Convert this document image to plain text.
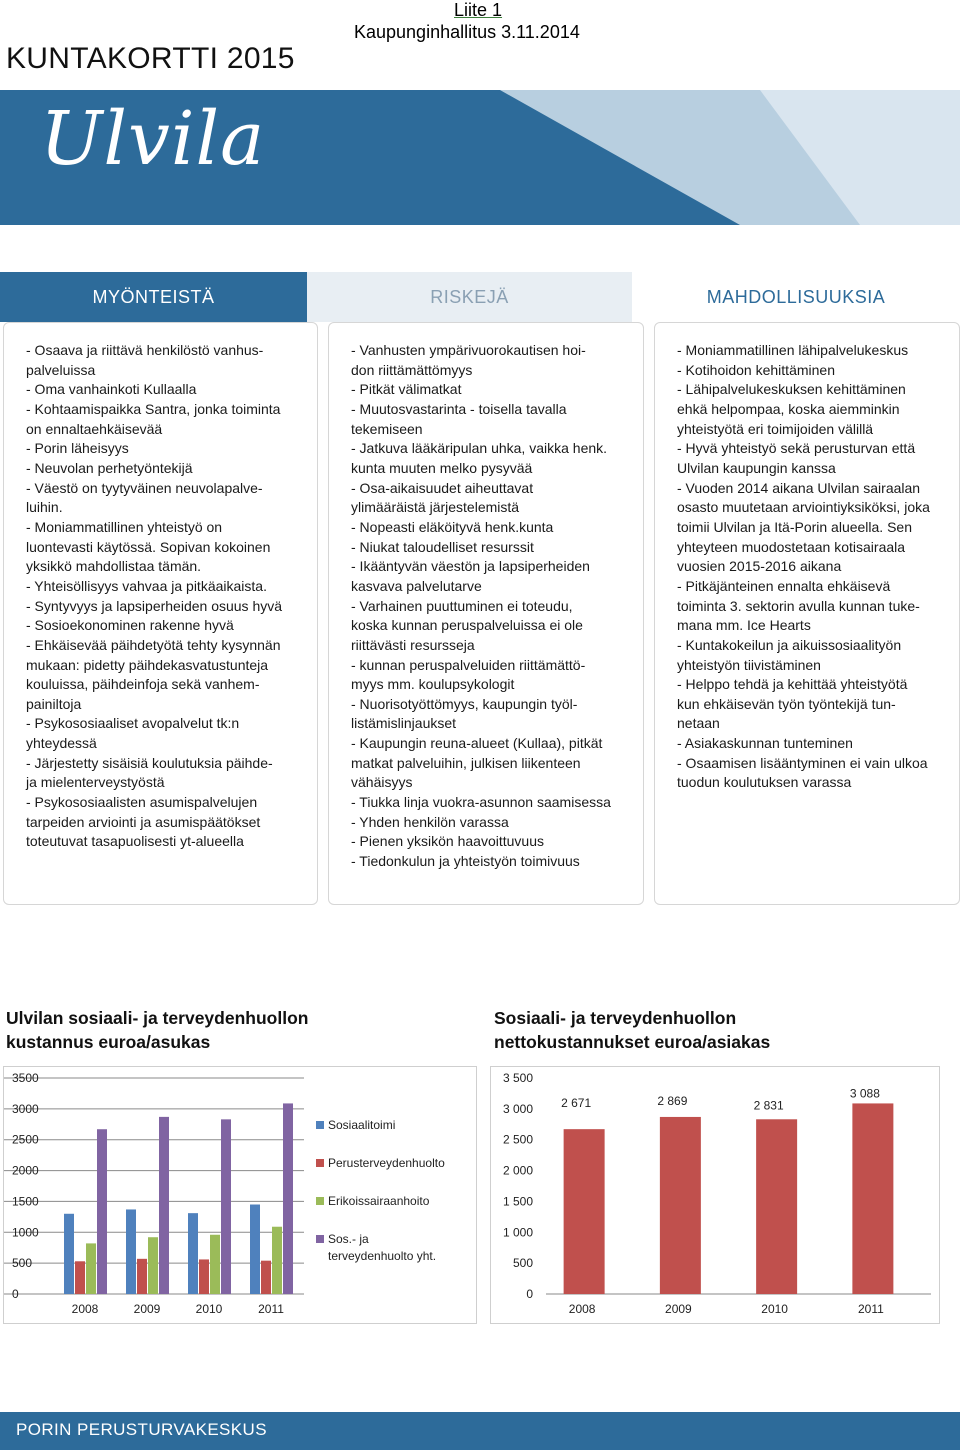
Liite 1
Kaupunginhallitus 3.11.2014
KUNTAKORTTI 2015
Ulvila
MYÖNTEISTÄ	RISKEJÄ	MAHDOLLISUUKSIA
- Osaava ja riittävä henkilöstö vanhus-
palveluissa
- Oma vanhainkoti Kullaalla
- Kohtaamispaikka Santra, jonka toiminta
on ennaltaehkäisevää
- Porin läheisyys
- Neuvolan perhetyöntekijä
- Väestö on tyytyväinen neuvolapalve-
luihin.
- Moniammatillinen yhteistyö on
luontevasti käytössä. Sopivan kokoinen
yksikkö mahdollistaa tämän.
- Yhteisöllisyys vahvaa ja pitkäaikaista.
- Syntyvyys ja lapsiperheiden osuus hyvä
- Sosioekonominen rakenne hyvä
- Ehkäisevää päihdetyötä tehty kysynnän
mukaan: pidetty päihdekasvatustunteja
kouluissa, päihdeinfoja sekä vanhem-
painiltoja
- Psykososiaaliset avopalvelut tk:n
yhteydessä
- Järjestetty sisäisiä koulutuksia päihde-
ja mielenterveystyöstä
- Psykososiaalisten asumispalvelujen
tarpeiden arviointi ja asumispäätökset
toteutuvat tasapuolisesti yt-alueella
- Vanhusten ympärivuorokautisen hoi-
don riittämättömyys
- Pitkät välimatkat
- Muutosvastarinta - toisella tavalla
tekemiseen
- Jatkuva lääkäripulan uhka, vaikka henk.
kunta muuten melko pysyvää
- Osa-aikaisuudet aiheuttavat
ylimääräistä järjestelemistä
- Nopeasti eläköityvä henk.kunta
- Niukat taloudelliset resurssit
- Ikääntyvän väestön ja lapsiperheiden
kasvava palvelutarve
- Varhainen puuttuminen ei toteudu,
koska kunnan peruspalveluissa ei ole
riittävästi resursseja
- kunnan peruspalveluiden riittämättö-
myys mm. koulupsykologit
- Nuorisotyöttömyys, kaupungin työl-
listämislinjaukset
- Kaupungin reuna-alueet (Kullaa), pitkät
matkat palveluihin, julkisen liikenteen
vähäisyys
- Tiukka linja vuokra-asunnon saamisessa
- Yhden henkilön varassa
- Pienen yksikön haavoittuvuus
- Tiedonkulun ja yhteistyön toimivuus
- Moniammatillinen lähipalvelukeskus
- Kotihoidon kehittäminen
- Lähipalvelukeskuksen kehittäminen
ehkä helpompaa, koska aiemminkin
yhteistyötä eri toimijoiden välillä
- Hyvä yhteistyö sekä perusturvan että
Ulvilan kaupungin kanssa
- Vuoden 2014 aikana Ulvilan sairaalan
osasto muutetaan arviointiyksiköksi, joka
toimii Ulvilan ja Itä-Porin alueella. Sen
yhteyteen muodostetaan kotisairaala
vuosien 2015-2016 aikana
- Pitkäjänteinen ennalta ehkäisevä
toiminta 3. sektorin avulla kunnan tuke-
mana mm. Ice Hearts
- Kuntakokeilun ja aikuissosiaalityön
yhteistyön tiivistäminen
- Helppo tehdä ja kehittää yhteistyötä
kun ehkäisevän työn työntekijä tun-
netaan
- Asiakaskunnan tunteminen
- Osaamisen lisääntyminen ei vain ulkoa
tuodun koulutuksen varassa
Ulvilan sosiaali- ja terveydenhuollon
kustannus euroa/asukas
Sosiaali- ja terveydenhuollon
nettokustannukset euroa/asiakas
0
500
1000
1500
2000
2500
3000
3500
2008	2009	2010	2011
Sosiaalitoimi
Perusterveydenhuolto
Erikoissairaanhoito
Sos.- ja
terveydenhuolto yht.
0
500
1 000
1 500
2 000
2 500
3 000
3 500
2 671
2008
2 869
2009
2 831
2010
3 088
2011
PORIN PERUSTURVAKESKUS
